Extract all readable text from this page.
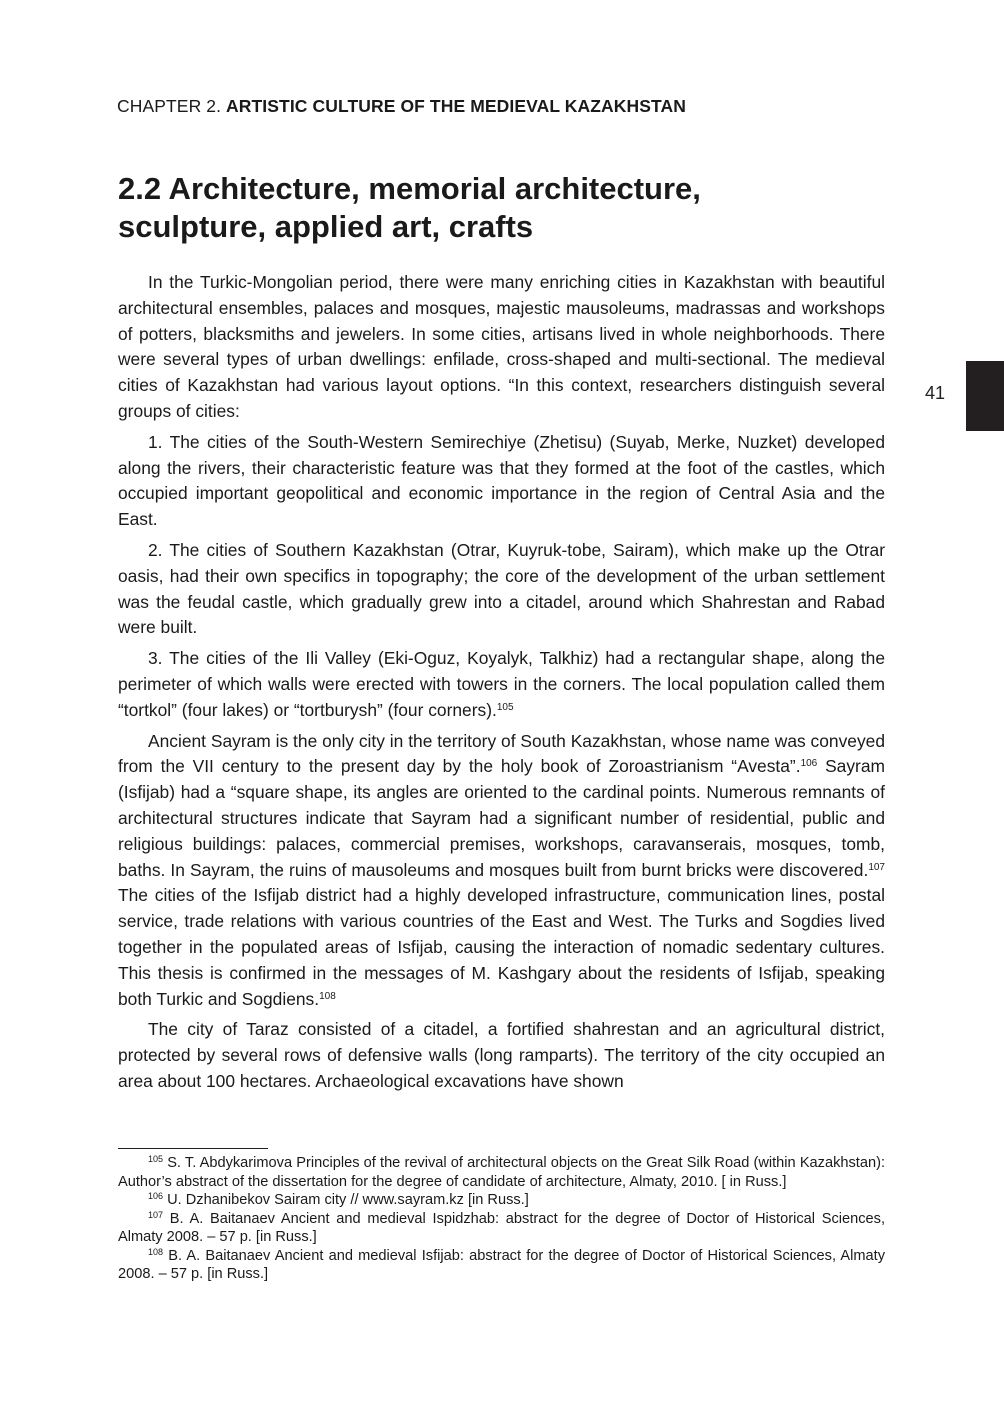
CHAPTER 2. ARTISTIC CULTURE OF THE MEDIEVAL KAZAKHSTAN
2.2 Architecture, memorial architecture,
sculpture, applied art, crafts
41

In the Turkic-Mongolian period, there were many enriching cities in Kazakhstan with beautiful architectural ensembles, palaces and mosques, majestic mausoleums, madrassas and workshops of potters, blacksmiths and jewelers. In some cities, artisans lived in whole neighborhoods. There were several types of urban dwellings: enfilade, cross-shaped and multi-sectional. The medieval cities of Kazakhstan had various layout options. “In this context, researchers distinguish several groups of cities:

1. The cities of the South-Western Semirechiye (Zhetisu) (Suyab, Merke, Nuzket) developed along the rivers, their characteristic feature was that they formed at the foot of the castles, which occupied important geopolitical and economic importance in the region of Central Asia and the East.

2. The cities of Southern Kazakhstan (Otrar, Kuyruk-tobe, Sairam), which make up the Otrar oasis, had their own specifics in topography; the core of the development of the urban settlement was the feudal castle, which gradually grew into a citadel, around which Shahrestan and Rabad were built.

3. The cities of the Ili Valley (Eki-Oguz, Koyalyk, Talkhiz) had a rectangular shape, along the perimeter of which walls were erected with towers in the corners. The local population called them “tortkol” (four lakes) or “tortburysh” (four corners).$^{105}$

Ancient Sayram is the only city in the territory of South Kazakhstan, whose name was conveyed from the VII century to the present day by the holy book of Zoroastrianism “Avesta”.$^{106}$ Sayram (Isfijab) had a “square shape, its angles are oriented to the cardinal points. Numerous remnants of architectural structures indicate that Sayram had a significant number of residential, public and religious buildings: palaces, commercial premises, workshops, caravanserais, mosques, tomb, baths. In Sayram, the ruins of mausoleums and mosques built from burnt bricks were discovered.$^{107}$ The cities of the Isfijab district had a highly developed infrastructure, communication lines, postal service, trade relations with various countries of the East and West. The Turks and Sogdies lived together in the populated areas of Isfijab, causing the interaction of nomadic sedentary cultures. This thesis is confirmed in the messages of M. Kashgary about the residents of Isfijab, speaking both Turkic and Sogdiens.$^{108}$

The city of Taraz consisted of a citadel, a fortified shahrestan and an agricultural district, protected by several rows of defensive walls (long ramparts). The territory of the city occupied an area about 100 hectares. Archaeological excavations have shown

$^{105}$ S. T. Abdykarimova Principles of the revival of architectural objects on the Great Silk Road (within Kazakhstan): Author’s abstract of the dissertation for the degree of candidate of architecture, Almaty, 2010. [ in Russ.]

$^{106}$ U. Dzhanibekov Sairam city // www.sayram.kz [in Russ.]

$^{107}$ B. A. Baitanaev Ancient and medieval Ispidzhab: abstract for the degree of Doctor of Historical Sciences, Almaty 2008. – 57 p. [in Russ.]

$^{108}$ B. A. Baitanaev Ancient and medieval Isfijab: abstract for the degree of Doctor of Historical Sciences, Almaty 2008. – 57 p. [in Russ.]
